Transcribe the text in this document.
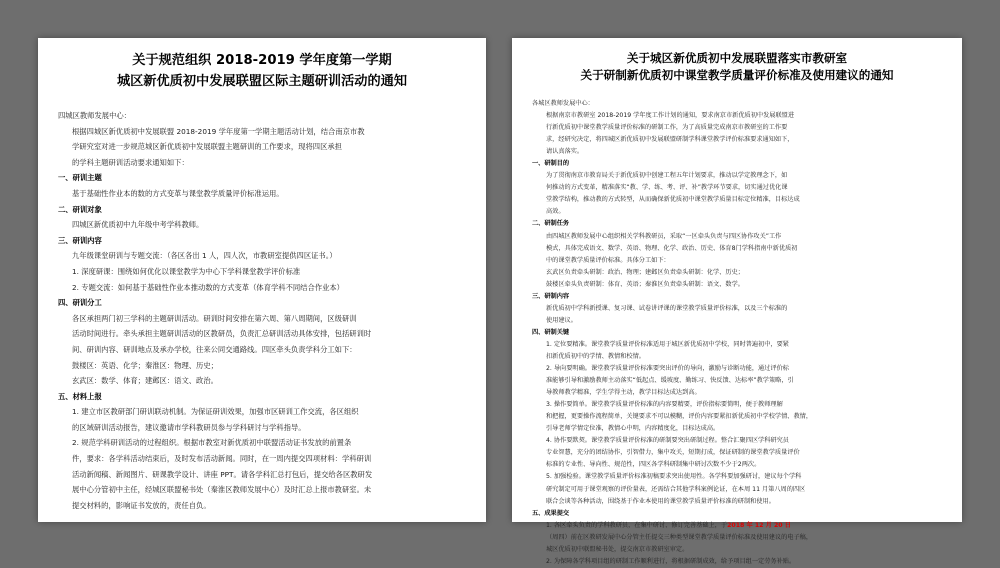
关于规范组织 2018-2019 学年度第一学期

城区新优质初中发展联盟区际主题研训活动的通知

四城区教师发展中心：

根据四城区新优质初中发展联盟 2018-2019 学年度第一学期主题活动计划，结合南京市教

学研究室对进一步规范城区新优质初中发展联盟主题研训的工作要求，现将四区承担

的学科主题研训活动要求通知如下：

一、研训主题

基于基础性作业本的数的方式变革与课堂教学质量评价标准运用。

二、研训对象

四城区新优质初中九年级中考学科教师。

三、研训内容

九年级课堂研训与专题交流：（各区各出 1 人，四人次，市教研室提供四区证书。）

1. 深度研课：围绕如何优化以课堂教学为中心下学科课堂教学评价标准

2. 专题交流：如何基于基础性作业本推动数的方式变革（体育学科不同结合作业本）

四、研训分工

各区承担两门初三学科的主题研训活动。研训时间安排在第六周、第八周期间，区级研训

活动时间进行。牵头承担主题研训活动的区教研员，负责汇总研训活动具体安排，包括研训时

间、研训内容、研训地点及承办学校，往来公同交通路线。四区牵头负责学科分工如下：

鼓楼区：英语、化学；秦淮区：物理、历史；

玄武区：数学、体育；建邺区：语文、政治。

五、材料上报

1. 建立市区教研部门研训联动机制。为保证研训效果，加强市区研训工作交流，各区组织

的区域研训活动报告，建议邀请市学科教研员参与学科研讨与学科指导。

2. 规范学科研训活动的过程组织。根据市教室对新优质初中联盟活动证书发放的前置条

件，要求：各学科活动结束后，及时发布活动新闻。同时，在一周内提交四项材料：学科研训

活动新闻稿、新闻图片、研课教学设计、讲座 PPT。请各学科汇总打包后，提交给各区教研发

展中心分管初中主任，经城区联盟秘书处（秦淮区教师发展中心）及时汇总上报市教研室。未

提交材料的，影响证书发放的，责任自负。

关于城区新优质初中发展联盟落实市教研室

关于研制新优质初中课堂教学质量评价标准及使用建议的通知

各城区教师发展中心：

根据南京市教研室 2018-2019 学年度工作计划的通知，要求南京市新优质初中发展联盟进

行新优质初中课堂教学质量评价标准的研制工作，为了高质量完成南京市教研室的工作要

求，经研究决定，将四城区新优质初中发展联盟研制学科课堂教学评价标准要求通知如下，

请认真落实。

一、研制目的

为了贯彻南京市教育局关于新优质初中创建工程五年计划要求，推动以学定教理念下，如

何推动的方式变革，精准落实“教、学、练、考、评、补”教学环节要求，切实通过优化课

堂教学结构，推动教的方式转型，从而确保新优质初中课堂教学质量目标定位精准，目标达成

高效。

二、研制任务

由四城区教师发展中心组织相关学科教研员，采取“一区牵头负责与四区协作攻关”工作

模式，具体完成语文、数学、英语、物理、化学、政治、历史、体育8门学科指南中新优质初

中的课堂教学质量评价标准。具体分工如下：

玄武区负责牵头研制：政治、物理；建邺区负责牵头研制：化学、历史；

鼓楼区牵头负责研制：体育、英语；秦淮区负责牵头研制：语文、数学。

三、研制内容

新优质初中学科新授课、复习课、试卷讲评课的课堂教学质量评价标准，以及三个标准的

使用建议。

四、研制关键

1. 定位要精准。课堂教学质量评价标准适用于城区新优质初中学校，同时普遍初中，要紧

扣新优质初中的学情、教情和校情。

2. 导向要明确。课堂教学质量评价标准要突出评价的导向，激励与诊断功能，通过评价标

准能够引导和激励教师主动落实“低起点、缓坡度、勤练习、快反馈、达标率”教学策略，引

导教师教学精准，学生学得主动，教学目标达成达到高。

3. 操作要简单。课堂教学质量评价标准的内容要精要，评价指标要简明，便于教师理解

和把握，更要操作流程简单，关键要求不可以模糊，评价内容要紧扣新优质初中学校学情、教情，

引导老师学情定位准，教情心中明，内容精度化，目标达成高。

4. 协作要默契。课堂教学质量评价标准的研制要突出研制过程。整合汇聚四区学科研究员

专业智慧，充分的团结协作，引智借力，集中攻关，短期打成，保证研制的课堂教学质量评价

标准的专业性、导向性、规范性，四区各学科研制集中研讨次数不少于2两次。

5. 加强检验。课堂教学质量评价标准初稿要求突出使用性。各学科要加强研讨，建议每个学科

研究制定可用于课堂观察的评价量表，还需结合其他学科案例论证，在本周 11 月第八周的四区

联合会谈等各种活动，围绕基于作业本使用的课堂教学质量评价标准的研制和使用。

五、成果提交

1. 各区牵头负责的学科教研员，在集中研讨、修订完善基础上，于2018 年 12 月 20 日

（周四）前在区教研发展中心分管主任提交三种类型课堂教学质量评价标准及使用建议的电子稿，

城区优质初中联盟秘书处，提交南京市教研室审定。

2. 为保障各学科项目组的研制工作顺利进行，将根据研制成效，给予项目组一定劳务补贴。
